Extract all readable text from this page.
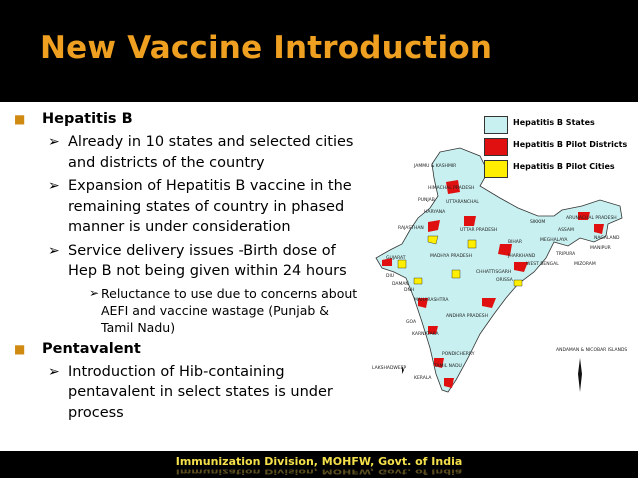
New Vaccine Introduction
■ Hepatitis B
➢ Already in 10 states and selected cities and districts of the country
➢ Expansion of Hepatitis B vaccine in the remaining states of country in phased manner is under consideration
➢ Service delivery issues -Birth dose of Hep B not being given within 24 hours
➢ Reluctance to use due to concerns about AEFI and vaccine wastage (Punjab & Tamil Nadu)
■ Pentavalent
➢ Introduction of Hib-containing pentavalent in select states is under process
JAMMU & KASHMIR
HIMACHAL PRADESH
PUNJAB UTTARANCHAL
HARYANA
RAJASTHAN	UTTAR PRADESH
SIKKIM
ARUNACHAL PRADESH
BIHAR
ASSAM
NAGALAND
MEGHALAYA
MANIPUR
TRIPURA
MIZORAM
GUJARAT	MADHYA PRADESH	JHARKHAND
WEST BENGAL
CHHATTISGARH
ORISSA
DIU
DAMAN
DNH
MAHARASHTRA
ANDHRA PRADESH
GOA
KARNATAKA
PONDICHERRY
TAMIL NADU
KERALA
LAKSHADWEEP
ANDAMAN & NICOBAR ISLANDS
Hepatitis B States
Hepatitis B Pilot Districts
Hepatitis B Pilot Cities
Immunization Division, MOHFW, Govt. of India
Immunization Division, MOHFW, Govt. of India
